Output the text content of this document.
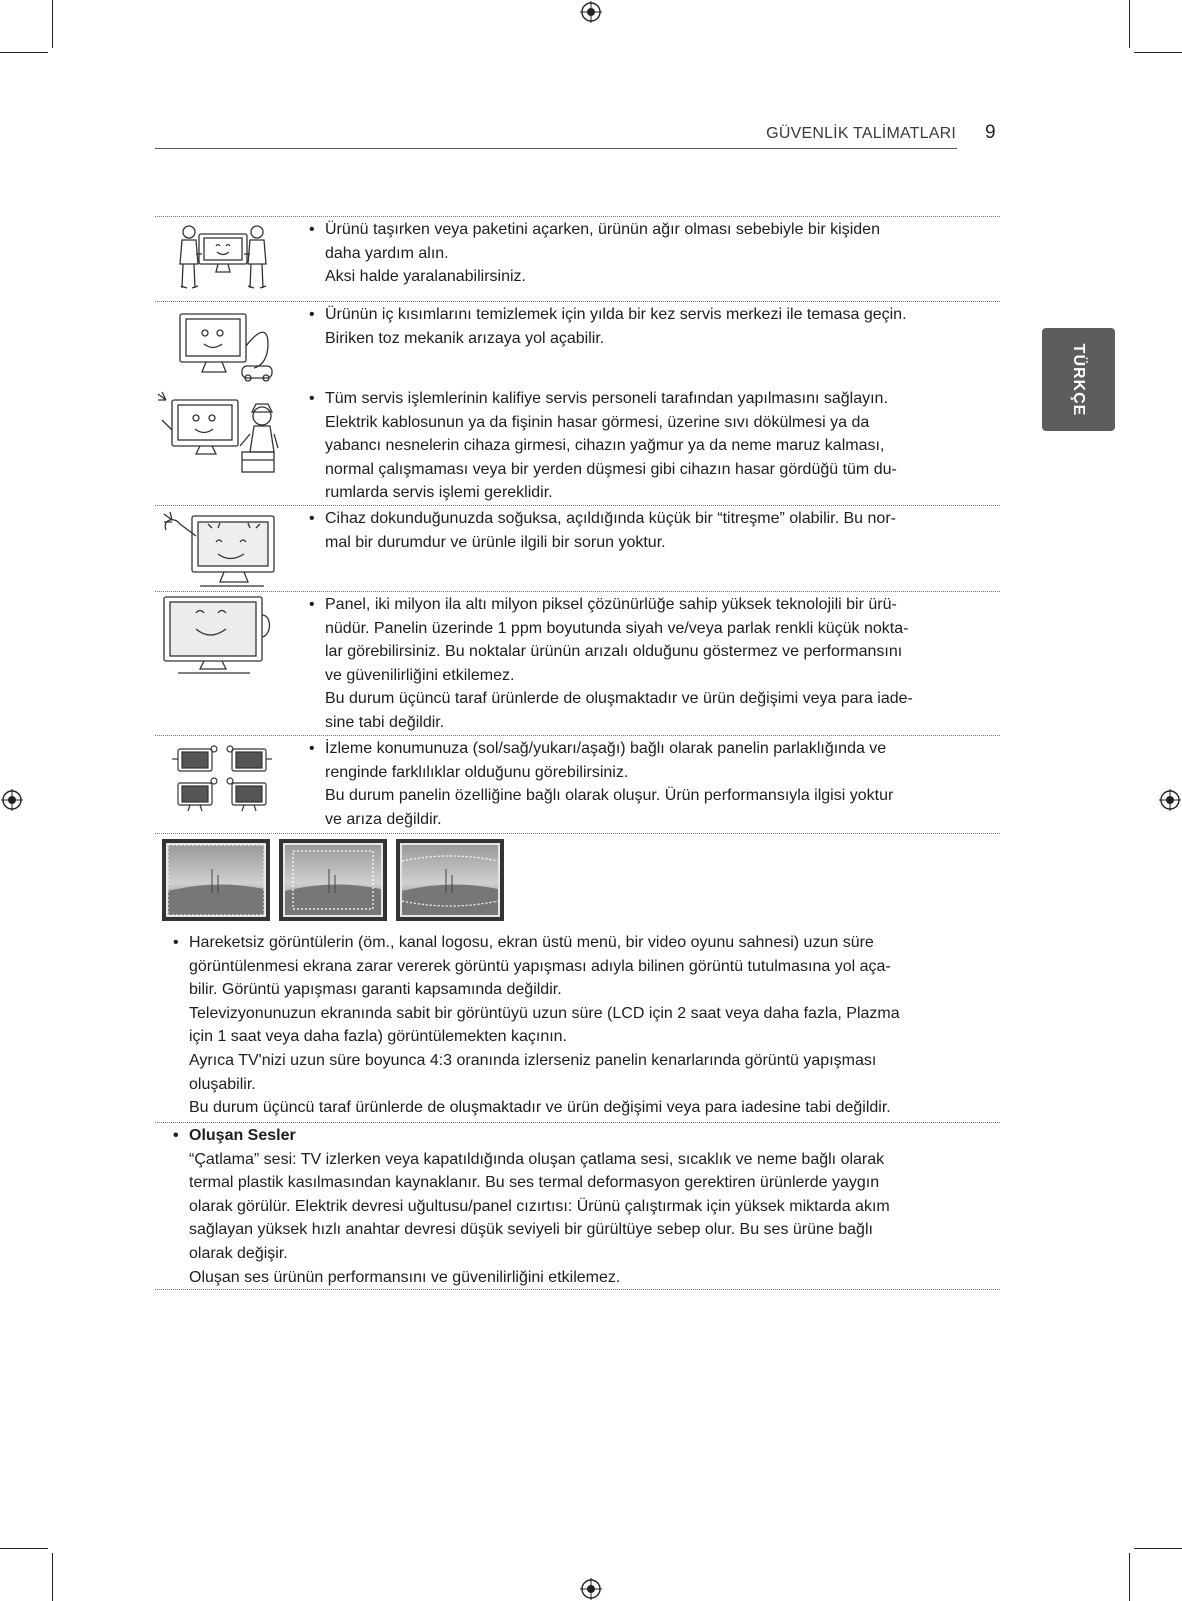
GÜVENLİK TALİMATLARI 9
TÜRKÇE
• Ürünü taşırken veya paketini açarken, ürünün ağır olması sebebiyle bir kişiden
daha yardım alın.
Aksi halde yaralanabilirsiniz.
• Ürünün iç kısımlarını temizlemek için yılda bir kez servis merkezi ile temasa geçin.
Biriken toz mekanik arızaya yol açabilir.
• Tüm servis işlemlerinin kalifiye servis personeli tarafından yapılmasını sağlayın.
Elektrik kablosunun ya da fişinin hasar görmesi, üzerine sıvı dökülmesi ya da
yabancı nesnelerin cihaza girmesi, cihazın yağmur ya da neme maruz kalması,
normal çalışmaması veya bir yerden düşmesi gibi cihazın hasar gördüğü tüm du-
rumlarda servis işlemi gereklidir.
• Cihaz dokunduğunuzda soğuksa, açıldığında küçük bir “titreşme” olabilir. Bu nor-
mal bir durumdur ve ürünle ilgili bir sorun yoktur.
• Panel, iki milyon ila altı milyon piksel çözünürlüğe sahip yüksek teknolojili bir ürü-
nüdür. Panelin üzerinde 1 ppm boyutunda siyah ve/veya parlak renkli küçük nokta-
lar görebilirsiniz. Bu noktalar ürünün arızalı olduğunu göstermez ve performansını
ve güvenilirliğini etkilemez.
Bu durum üçüncü taraf ürünlerde de oluşmaktadır ve ürün değişimi veya para iade-
sine tabi değildir.
• İzleme konumunuza (sol/sağ/yukarı/aşağı) bağlı olarak panelin parlaklığında ve
renginde farklılıklar olduğunu görebilirsiniz.
Bu durum panelin özelliğine bağlı olarak oluşur. Ürün performansıyla ilgisi yoktur
ve arıza değildir.
• Hareketsiz görüntülerin (öm., kanal logosu, ekran üstü menü, bir video oyunu sahnesi) uzun süre
görüntülenmesi ekrana zarar vererek görüntü yapışması adıyla bilinen görüntü tutulmasına yol aça-
bilir. Görüntü yapışması garanti kapsamında değildir.
Televizyonunuzun ekranında sabit bir görüntüyü uzun süre (LCD için 2 saat veya daha fazla, Plazma
için 1 saat veya daha fazla) görüntülemekten kaçının.
Ayrıca TV'nizi uzun süre boyunca 4:3 oranında izlerseniz panelin kenarlarında görüntü yapışması
oluşabilir.
Bu durum üçüncü taraf ürünlerde de oluşmaktadır ve ürün değişimi veya para iadesine tabi değildir.
• Oluşan Sesler
“Çatlama” sesi: TV izlerken veya kapatıldığında oluşan çatlama sesi, sıcaklık ve neme bağlı olarak
termal plastik kasılmasından kaynaklanır. Bu ses termal deformasyon gerektiren ürünlerde yaygın
olarak görülür. Elektrik devresi uğultusu/panel cızırtısı: Ürünü çalıştırmak için yüksek miktarda akım
sağlayan yüksek hızlı anahtar devresi düşük seviyeli bir gürültüye sebep olur. Bu ses ürüne bağlı
olarak değişir.
Oluşan ses ürünün performansını ve güvenilirliğini etkilemez.
